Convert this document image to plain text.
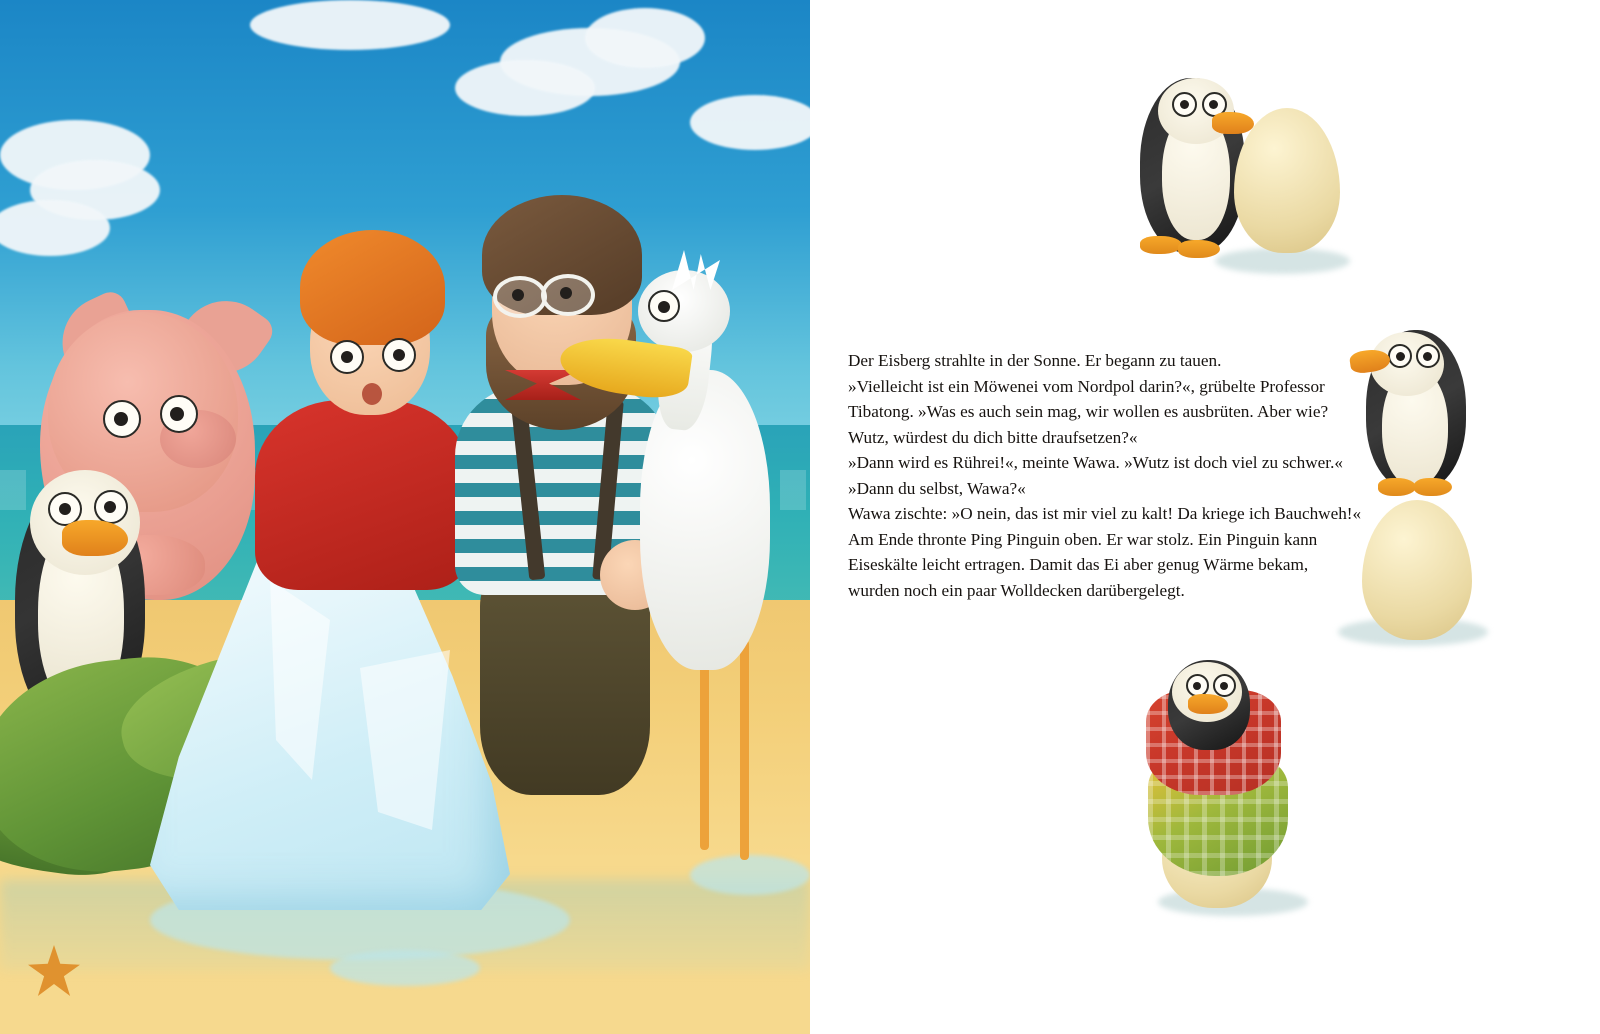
Der Eisberg strahlte in der Sonne. Er begann zu tauen.

»Vielleicht ist ein Möwenei vom Nordpol darin?«, grübelte Professor

Tibatong. »Was es auch sein mag, wir wollen es ausbrüten. Aber wie?

Wutz, würdest du dich bitte draufsetzen?«

»Dann wird es Rührei!«, meinte Wawa. »Wutz ist doch viel zu schwer.«

»Dann du selbst, Wawa?«

Wawa zischte: »O nein, das ist mir viel zu kalt! Da kriege ich Bauchweh!«

Am Ende thronte Ping Pinguin oben. Er war stolz. Ein Pinguin kann

Eiseskälte leicht ertragen. Damit das Ei aber genug Wärme bekam,

wurden noch ein paar Wolldecken darübergelegt.
